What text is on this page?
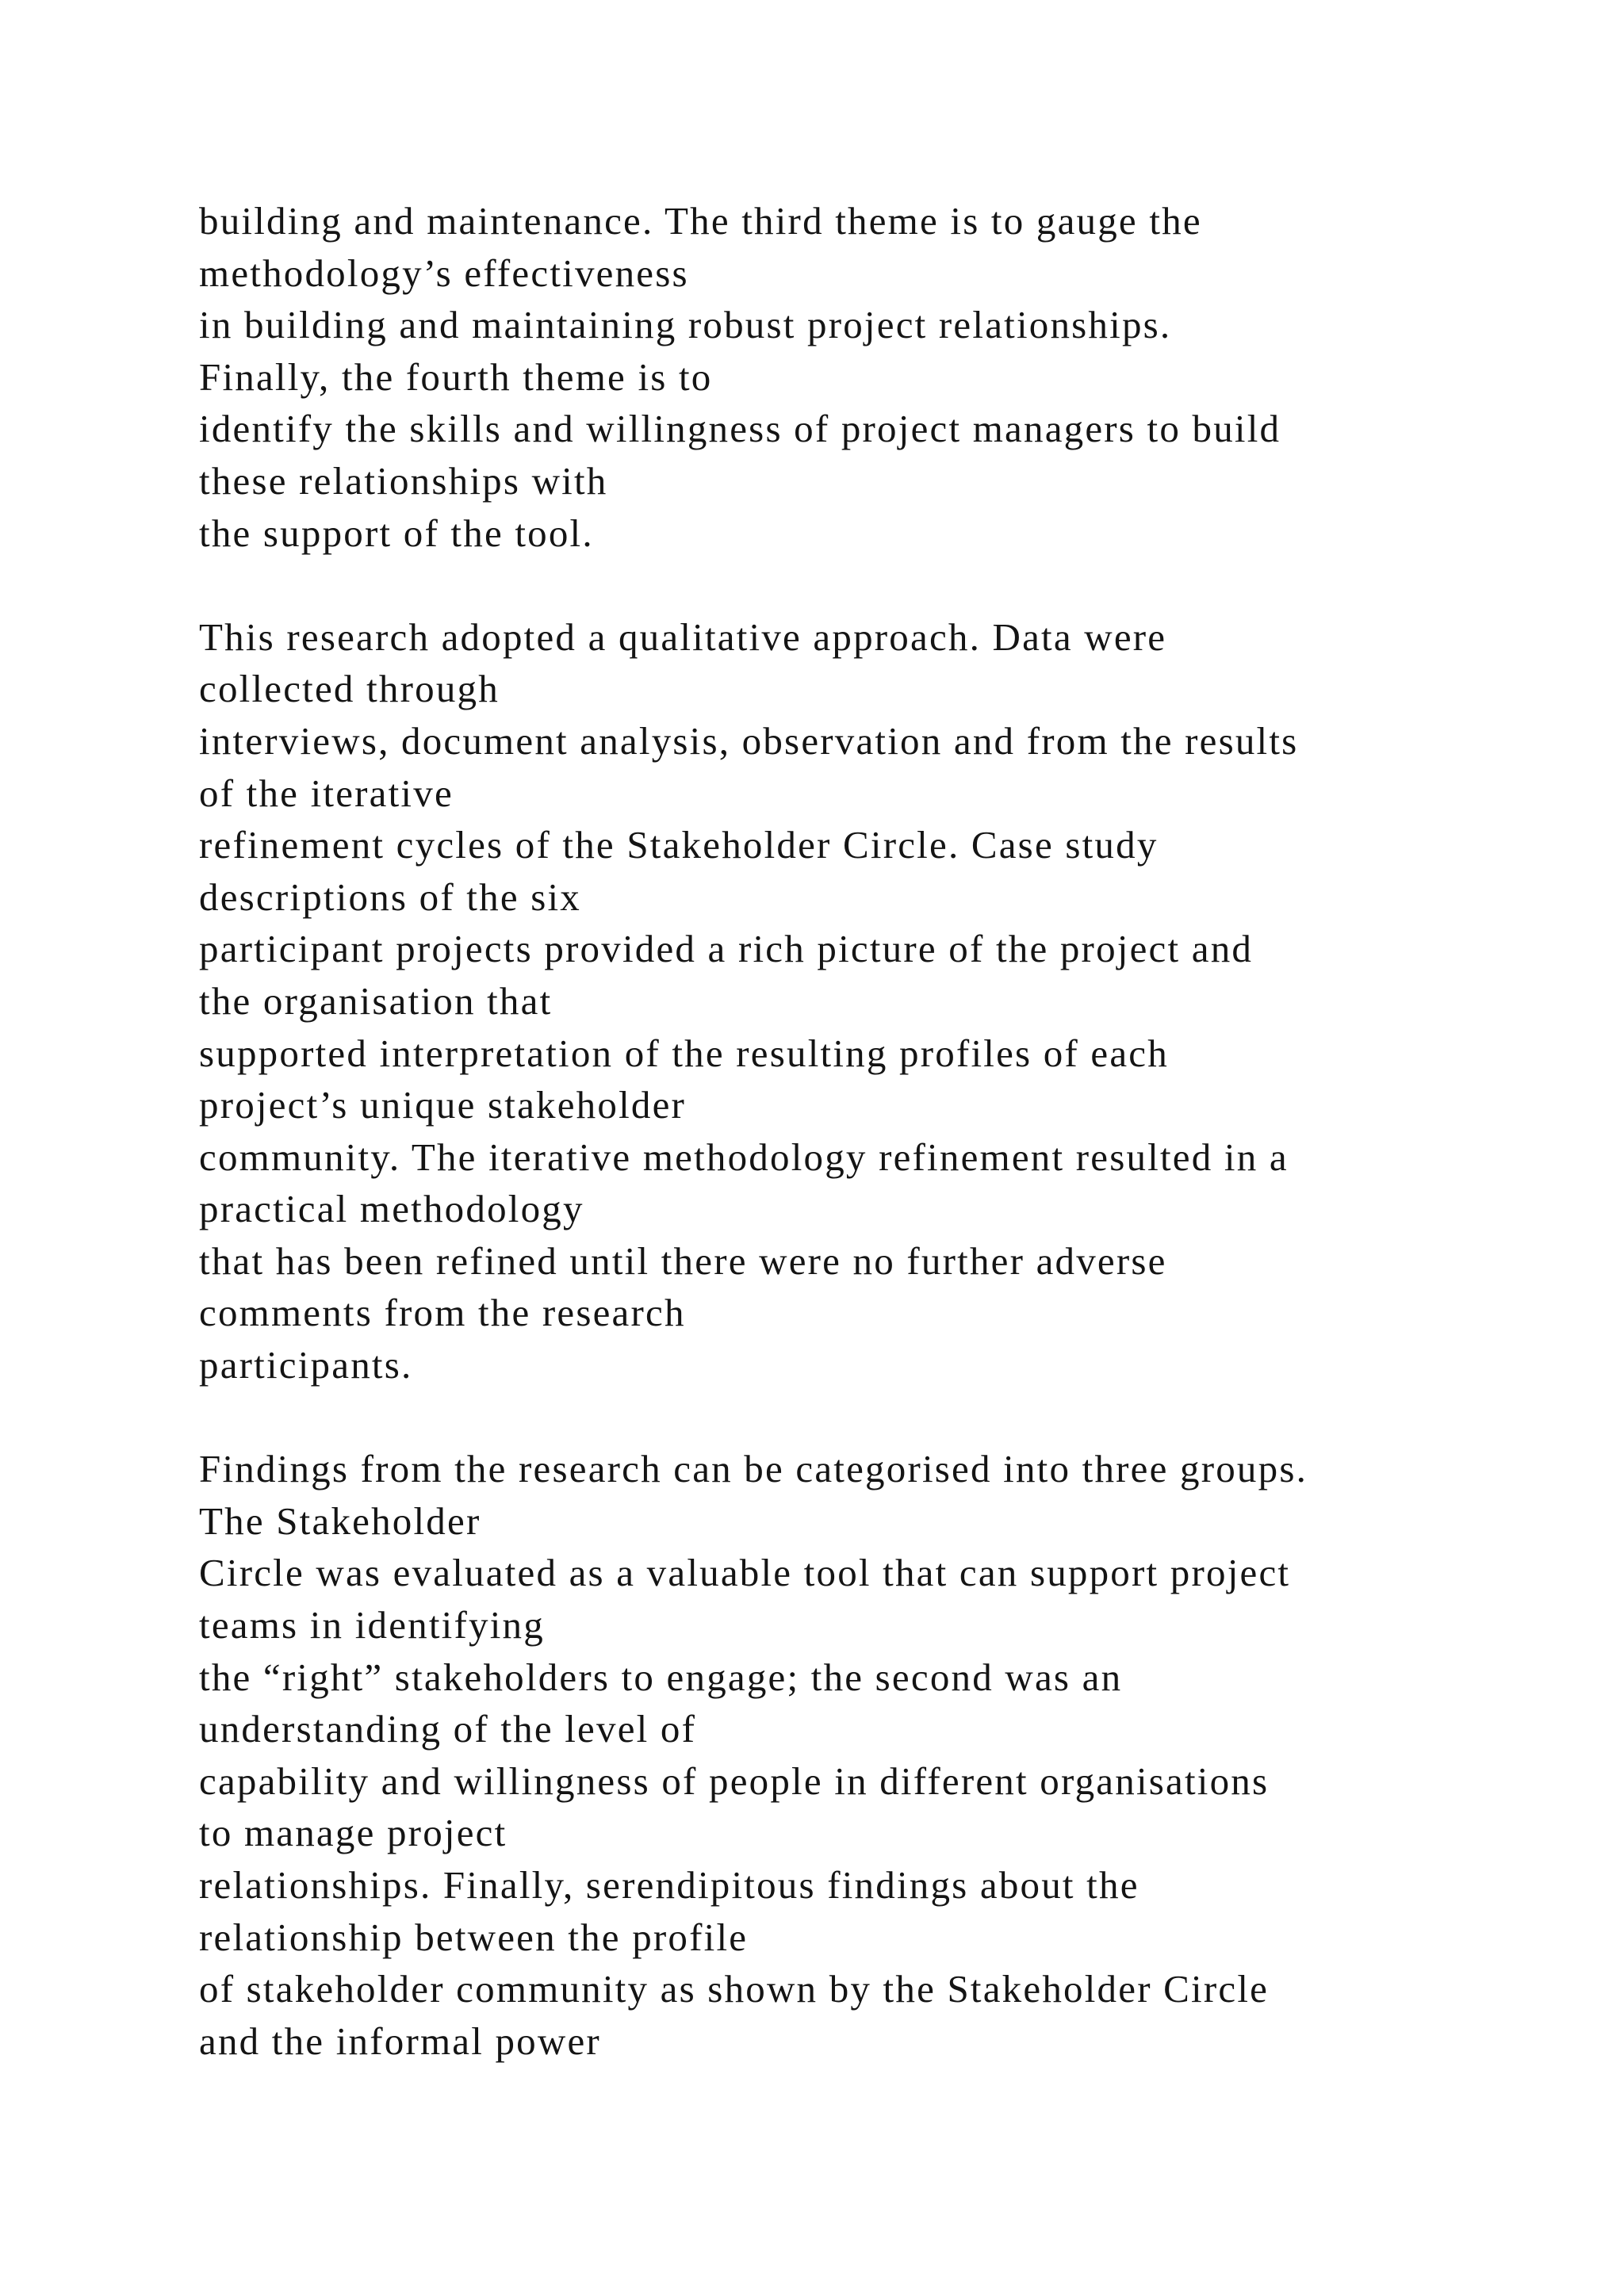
building and maintenance. The third theme is to gauge the
methodology’s effectiveness
in building and maintaining robust project relationships.
Finally, the fourth theme is to
identify the skills and willingness of project managers to build
these relationships with
the support of the tool.
This research adopted a qualitative approach. Data were
collected through
interviews, document analysis, observation and from the results
of the iterative
refinement cycles of the Stakeholder Circle. Case study
descriptions of the six
participant projects provided a rich picture of the project and
the organisation that
supported interpretation of the resulting profiles of each
project’s unique stakeholder
community. The iterative methodology refinement resulted in a
practical methodology
that has been refined until there were no further adverse
comments from the research
participants.
Findings from the research can be categorised into three groups.
The Stakeholder
Circle was evaluated as a valuable tool that can support project
teams in identifying
the “right” stakeholders to engage; the second was an
understanding of the level of
capability and willingness of people in different organisations
to manage project
relationships. Finally, serendipitous findings about the
relationship between the profile
of stakeholder community as shown by the Stakeholder Circle
and the informal power
